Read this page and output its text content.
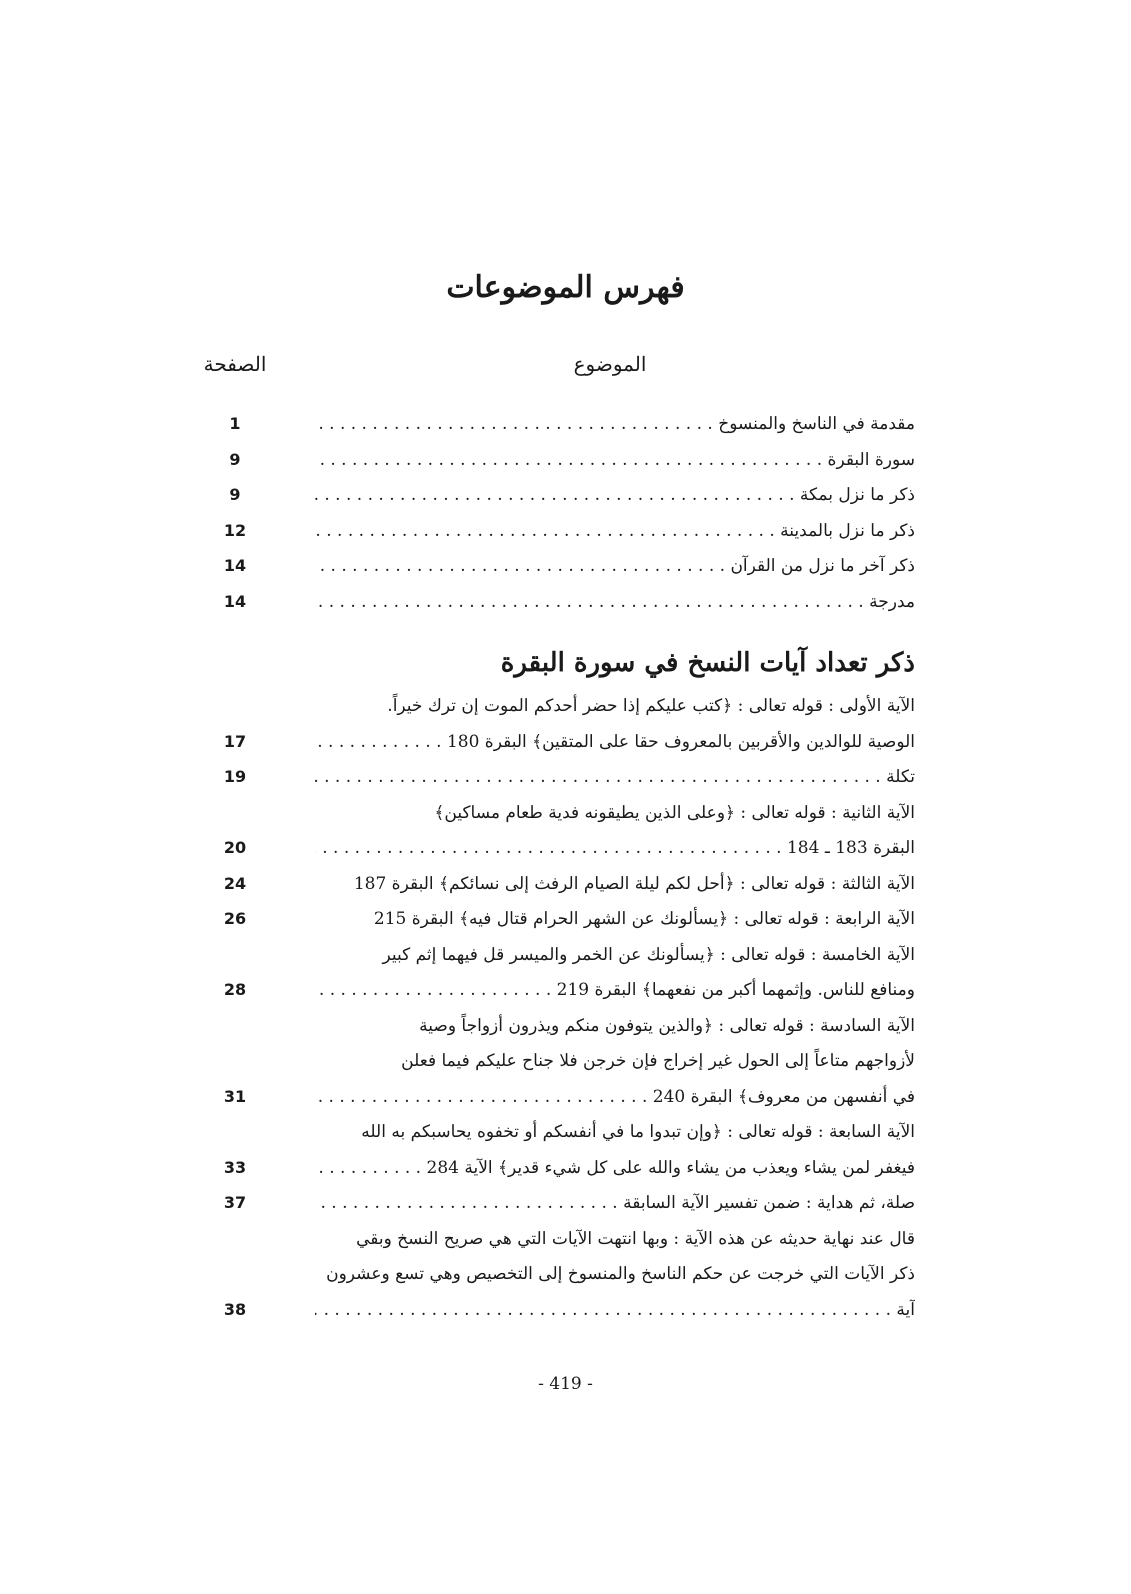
فهرس الموضوعات
الموضوع
الصفحة
مقدمة في الناسخ والمنسوخ . . .
1
سورة البقرة . . .
9
ذكر ما نزل بمكة . . .
9
ذكر ما نزل بالمدينة . . .
12
ذكر آخر ما نزل من القرآن . . .
14
مدرجة . . .
14
ذكر تعداد آيات النسخ في سورة البقرة
الآية الأولى : قوله تعالى : ﴿كتب عليكم إذا حضر أحدكم الموت إن ترك خيراً.
الوصية للوالدين والأقربين بالمعروف حقا على المتقين﴾ البقرة 180 . . .
17
تكلة . . .
19
الآية الثانية : قوله تعالى : ﴿وعلى الذين يطيقونه فدية طعام مساكين﴾
البقرة 183 ـ 184 . . .
20
الآية الثالثة : قوله تعالى : ﴿أحل لكم ليلة الصيام الرفث إلى نسائكم﴾ البقرة 187
24
الآية الرابعة : قوله تعالى : ﴿يسألونك عن الشهر الحرام قتال فيه﴾ البقرة 215
26
الآية الخامسة : قوله تعالى : ﴿يسألونك عن الخمر والميسر قل فيهما إثم كبير
ومنافع للناس. وإثمهما أكبر من نفعهما﴾ البقرة 219 . . .
28
الآية السادسة : قوله تعالى : ﴿والذين يتوفون منكم ويذرون أزواجاً وصية
لأزواجهم متاعاً إلى الحول غير إخراج فإن خرجن فلا جناح عليكم فيما فعلن
في أنفسهن من معروف﴾ البقرة 240 . . .
31
الآية السابعة : قوله تعالى : ﴿وإن تبدوا ما في أنفسكم أو تخفوه يحاسبكم به الله
فيغفر لمن يشاء ويعذب من يشاء والله على كل شيء قدير﴾ الآية 284 . . .
33
صلة، ثم هداية : ضمن تفسير الآية السابقة . . .
37
قال عند نهاية حديثه عن هذه الآية : وبها انتهت الآيات التي هي صريح النسخ وبقي
ذكر الآيات التي خرجت عن حكم الناسخ والمنسوخ إلى التخصيص وهي تسع وعشرون
آية . . .
38
- 419 -
